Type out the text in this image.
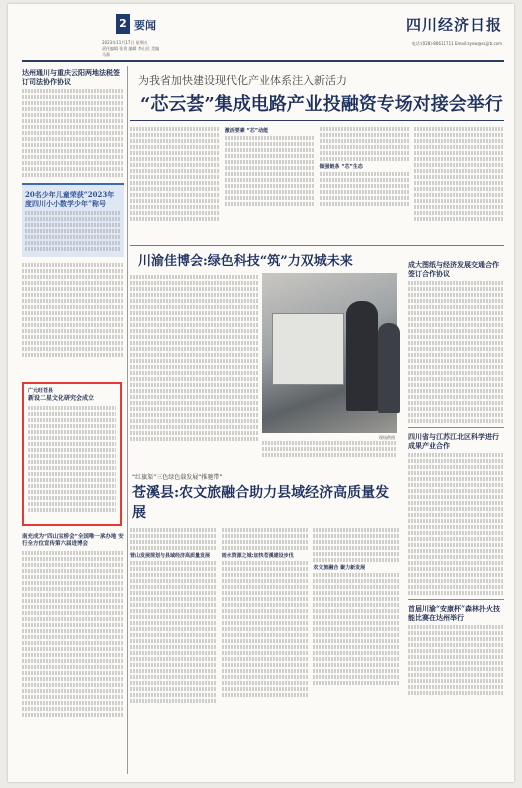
2 要闻
2023年11月17日 星期五
责任编辑 张贵 编辑 李山民 美编 马源
四川经济日报
电话:(028)-86611711 Email:zyxw@scjjrb.com
达州通川与重庆云阳两地法税签订司法协作协议
20名少年儿童荣获“2023年度四川小小数学少年”称号
广元旺苍县
新设二星文化研究会成立
南充成为“四山宝桥会”全国唯一承办地 安行全方位宣传第六届进博会
为我省加快建设现代化产业体系注入新活力
“芯云荟”集成电路产业投融资专场对接会举行
激活要素 “芯”动能
做强链条 “芯”生态
川渝佳博会:绿色科技“筑”力双城未来
现场供图
成大图纸与经济发展交通合作签订合作协议
四川省与江苏江北区科学进行成果产业合作
首届川渝“安康杯”森林扑火技能比赛在达州举行
“红旗渠”三色绿色载发展“推驰带”
苍溪县:农文旅融合助力县域经济高质量发展
营山发展规划与县域经济高质量发展	雨水资源之城:加快苍溪建设步伐
农文旅融合 聚力新发展
